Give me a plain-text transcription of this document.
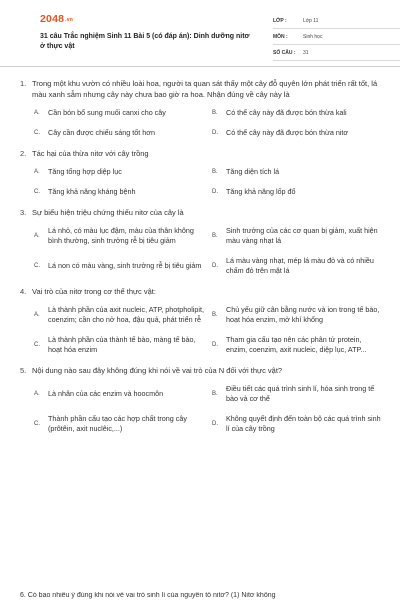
2048.vn
31 câu Trắc nghiệm Sinh 11 Bài 5 (có đáp án): Dinh dưỡng nitơ ở thực vật
LỚP :	Lớp 11
MÔN :	Sinh học
SỐ CÂU :	31
1. Trong một khu vườn có nhiều loài hoa, người ta quan sát thấy một cây đỗ quyên lớn phát triển rất tốt, lá màu xanh sẫm nhưng cây này chưa bao giờ ra hoa. Nhận đúng về cây này là
A.	Cần bón bổ sung muối canxi cho cây	B.	Có thể cây này đã được bón thừa kali
C.	Cây cần được chiếu sáng tốt hơn	D.	Có thể cây này đã được bón thừa nitơ
2. Tác hại của thừa nitơ với cây trồng
A.	Tăng tổng hợp diệp lục	B.	Tăng diện tích lá
C.	Tăng khả năng kháng bệnh	D.	Tăng khả năng lốp đổ
3. Sự biểu hiện triệu chứng thiếu nitơ của cây là
A.
Lá nhỏ, có màu lục đậm, màu của thân không bình thường, sinh trưởng rễ bị tiêu giảm	B.
Sinh trưởng của các cơ quan bị giảm, xuất hiện màu vàng nhạt lá
C.	Lá non có màu vàng, sinh trưởng rễ bị tiêu giảm	D.
Lá màu vàng nhạt, mép lá màu đỏ và có nhiều chấm đỏ trên mặt lá
4. Vai trò của nitơ trong cơ thể thực vật:
A.
Là thành phần của axit nucleic, ATP, photpholipit, coenzim; cần cho nở hoa, đậu quả, phát triển rễ	B.
Chủ yếu giữ cân bằng nước và ion trong tế bào, hoạt hóa enzim, mở khí khổng
C.
Là thành phần của thành tế bào, màng tế bào, hoạt hóa enzim	D.
Tham gia cấu tạo nên các phân tử protein, enzim, coenzim, axit nucleic, diệp lục, ATP...
5. Nội dung nào sau đây không đúng khi nói về vai trò của N đối với thực vật?
A.	Là nhân của các enzim và hoocmôn	B.
Điều tiết các quá trình sinh lí, hóa sinh trong tế bào và cơ thể
C.
Thành phần cấu tạo các hợp chất trong cây (prôtêin, axit nuclêic,...)	D.
Không quyết định đến toàn bộ các quá trình sinh lí của cây trồng
6. Có bao nhiêu ý đúng khi nói về vai trò sinh lí của nguyên tố nitơ? (1) Nitơ không
